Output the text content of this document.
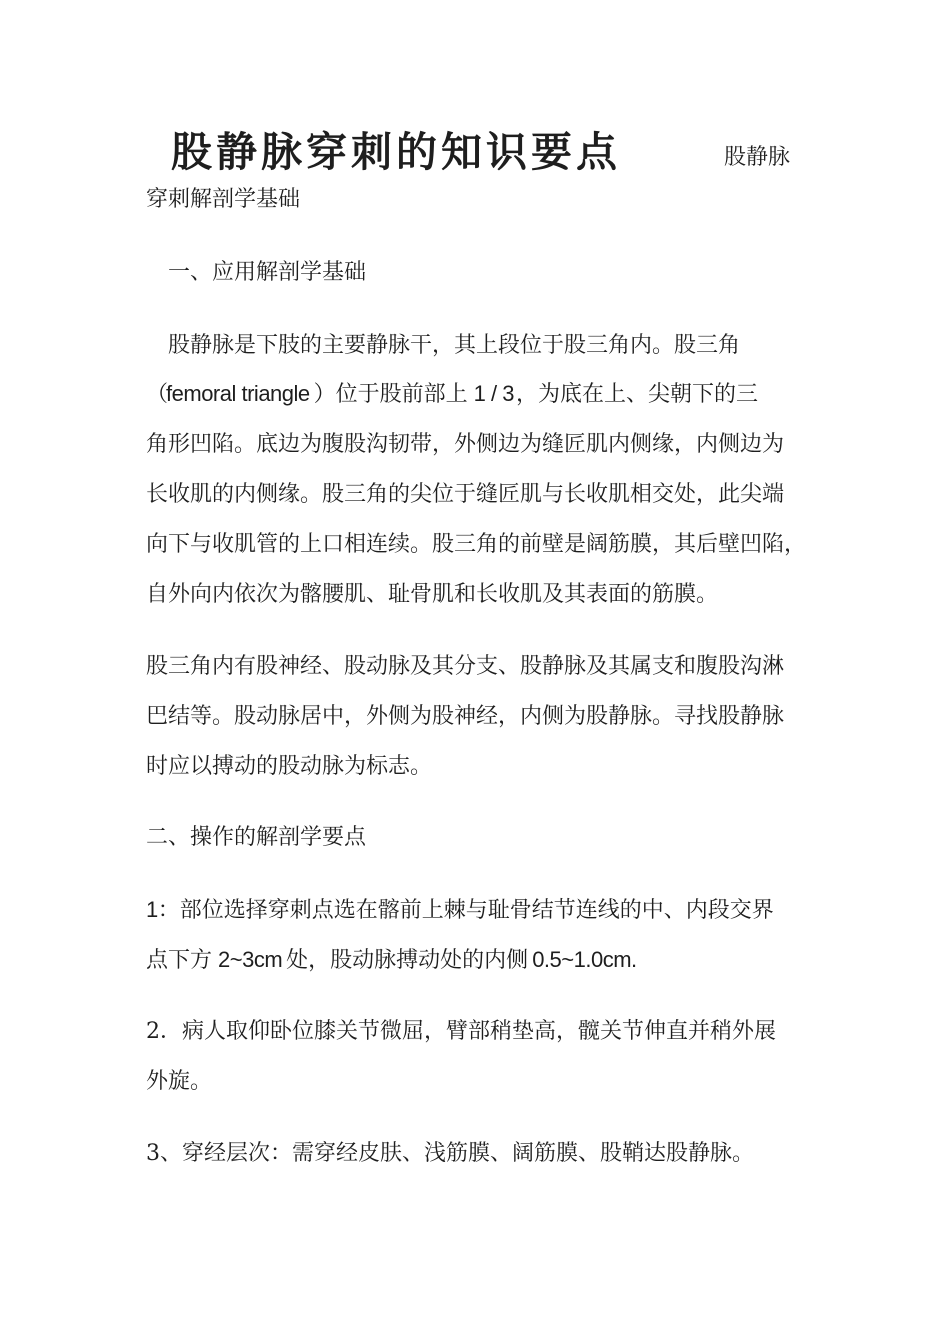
股静脉穿刺的知识要点	股静脉
穿刺解剖学基础
一、应用解剖学基础
股静脉是下肢的主要静脉干，其上段位于股三角内。股三角
（femoral triangle ）位于股前部上 1 / 3，为底在上、尖朝下的三
角形凹陷。底边为腹股沟韧带，外侧边为缝匠肌内侧缘，内侧边为
长收肌的内侧缘。股三角的尖位于缝匠肌与长收肌相交处，此尖端
向下与收肌管的上口相连续。股三角的前壁是阔筋膜，其后壁凹陷，
自外向内依次为髂腰肌、耻骨肌和长收肌及其表面的筋膜。
股三角内有股神经、股动脉及其分支、股静脉及其属支和腹股沟淋
巴结等。股动脉居中，外侧为股神经，内侧为股静脉。寻找股静脉
时应以搏动的股动脉为标志。
二、操作的解剖学要点
1：部位选择穿刺点选在髂前上棘与耻骨结节连线的中、内段交界
点下方 2~3cm 处，股动脉搏动处的内侧 0.5~1.0cm.
2．病人取仰卧位膝关节微屈，臂部稍垫高，髋关节伸直并稍外展
外旋。
3、穿经层次：需穿经皮肤、浅筋膜、阔筋膜、股鞘达股静脉。
